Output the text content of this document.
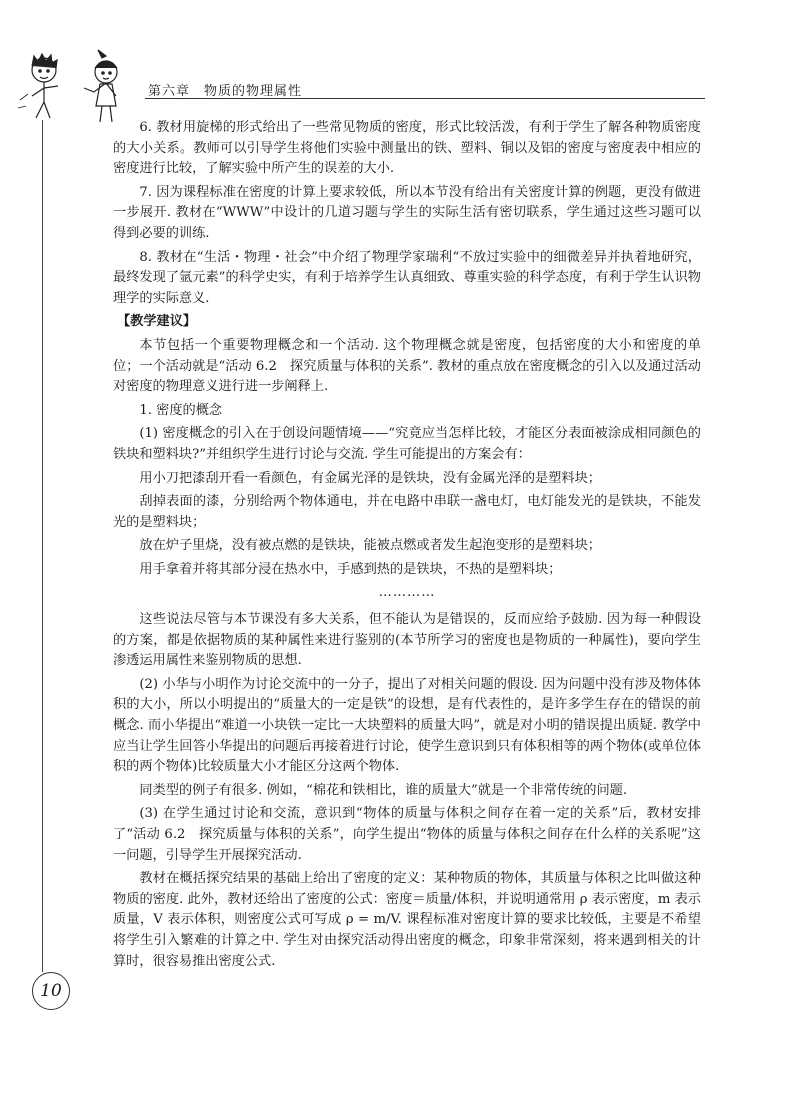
第六章　物质的物理属性
10

6. 教材用旋梯的形式给出了一些常见物质的密度，形式比较活泼，有利于学生了解各种物质密度的大小关系。教师可以引导学生将他们实验中测量出的铁、塑料、铜以及铝的密度与密度表中相应的密度进行比较，了解实验中所产生的误差的大小.

7. 因为课程标准在密度的计算上要求较低，所以本节没有给出有关密度计算的例题，更没有做进一步展开. 教材在“WWW”中设计的几道习题与学生的实际生活有密切联系，学生通过这些习题可以得到必要的训练.

8. 教材在“生活・物理・社会”中介绍了物理学家瑞利“不放过实验中的细微差异并执着地研究，最终发现了氩元素”的科学史实，有利于培养学生认真细致、尊重实验的科学态度，有利于学生认识物理学的实际意义.

【教学建议】

本节包括一个重要物理概念和一个活动. 这个物理概念就是密度，包括密度的大小和密度的单位；一个活动就是“活动 6.2　探究质量与体积的关系”. 教材的重点放在密度概念的引入以及通过活动对密度的物理意义进行进一步阐释上.

1. 密度的概念

(1) 密度概念的引入在于创设问题情境——“究竟应当怎样比较，才能区分表面被涂成相同颜色的铁块和塑料块?”并组织学生进行讨论与交流. 学生可能提出的方案会有：

用小刀把漆刮开看一看颜色，有金属光泽的是铁块，没有金属光泽的是塑料块；

刮掉表面的漆，分别给两个物体通电，并在电路中串联一盏电灯，电灯能发光的是铁块，不能发光的是塑料块；

放在炉子里烧，没有被点燃的是铁块，能被点燃或者发生起泡变形的是塑料块；

用手拿着并将其部分浸在热水中，手感到热的是铁块，不热的是塑料块；

…………

这些说法尽管与本节课没有多大关系，但不能认为是错误的，反而应给予鼓励. 因为每一种假设的方案，都是依据物质的某种属性来进行鉴别的(本节所学习的密度也是物质的一种属性)，要向学生渗透运用属性来鉴别物质的思想.

(2) 小华与小明作为讨论交流中的一分子，提出了对相关问题的假设. 因为问题中没有涉及物体体积的大小，所以小明提出的“质量大的一定是铁”的设想，是有代表性的，是许多学生存在的错误的前概念. 而小华提出“难道一小块铁一定比一大块塑料的质量大吗”，就是对小明的错误提出质疑. 教学中应当让学生回答小华提出的问题后再接着进行讨论，使学生意识到只有体积相等的两个物体(或单位体积的两个物体)比较质量大小才能区分这两个物体.

同类型的例子有很多. 例如，“棉花和铁相比，谁的质量大”就是一个非常传统的问题.

(3) 在学生通过讨论和交流，意识到“物体的质量与体积之间存在着一定的关系”后，教材安排了“活动 6.2　探究质量与体积的关系”，向学生提出“物体的质量与体积之间存在什么样的关系呢”这一问题，引导学生开展探究活动.

教材在概括探究结果的基础上给出了密度的定义：某种物质的物体，其质量与体积之比叫做这种物质的密度. 此外，教材还给出了密度的公式：密度＝质量/体积，并说明通常用 ρ 表示密度，m 表示质量，V 表示体积，则密度公式可写成 ρ = m/V. 课程标准对密度计算的要求比较低，主要是不希望将学生引入繁难的计算之中. 学生对由探究活动得出密度的概念，印象非常深刻，将来遇到相关的计算时，很容易推出密度公式.
